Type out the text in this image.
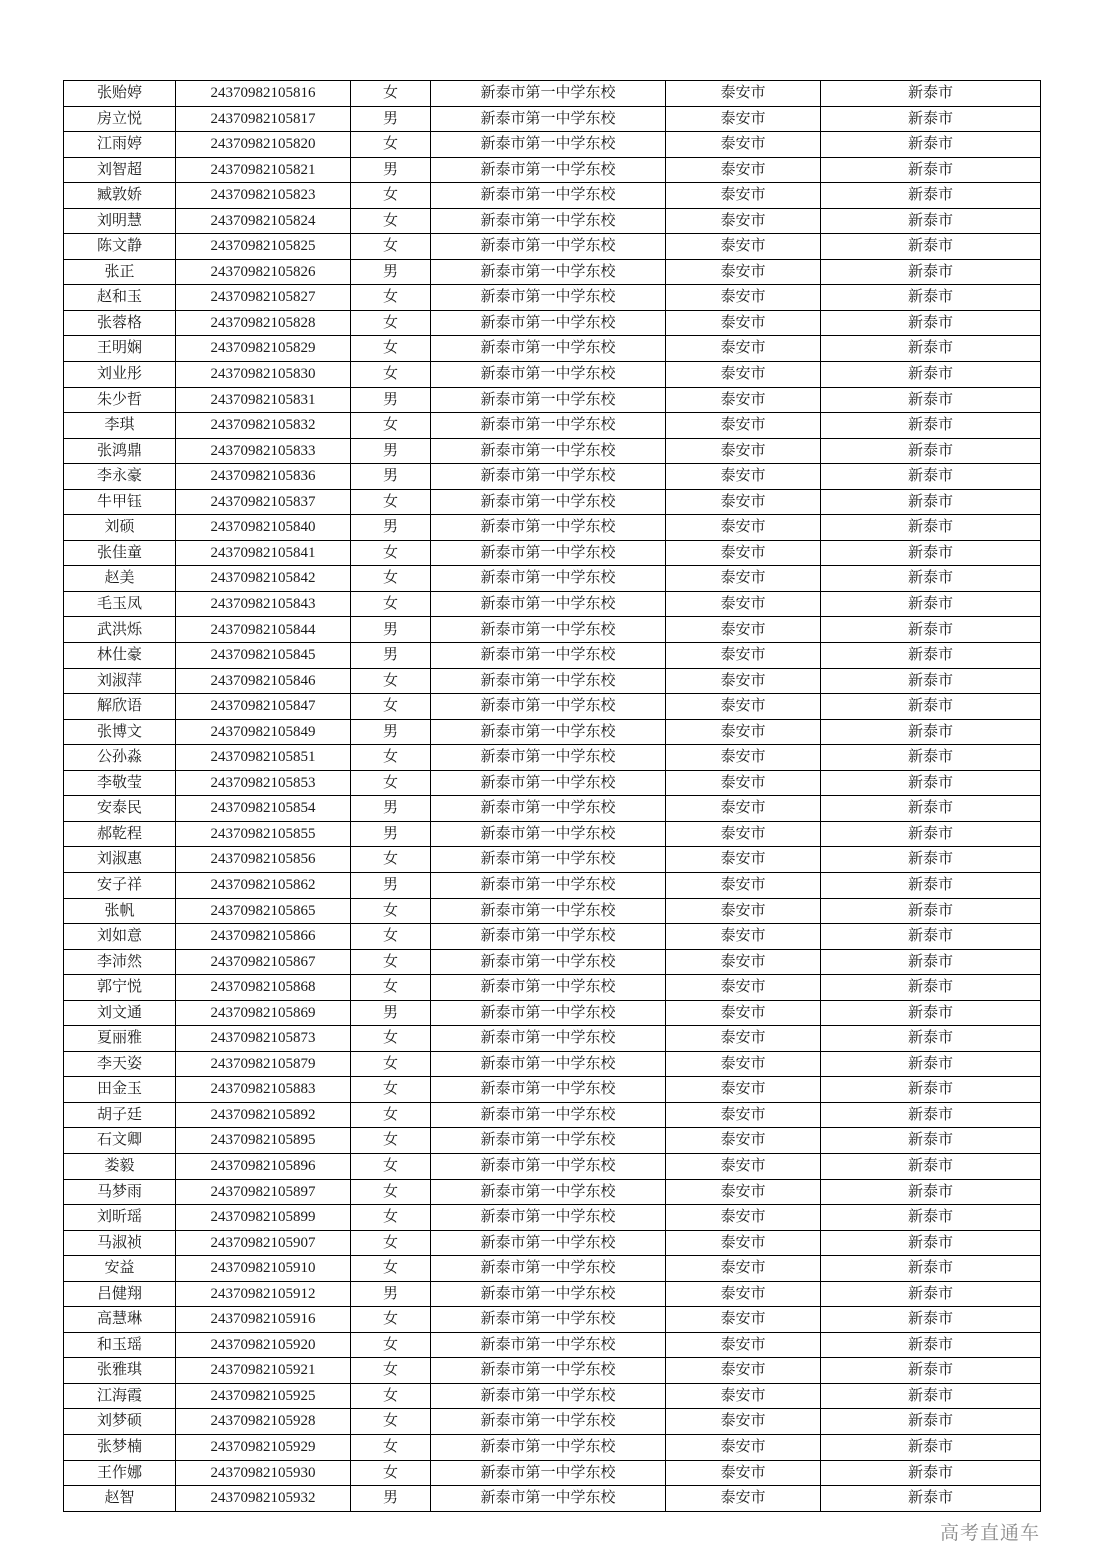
张贻婷	24370982105816	女	新泰市第一中学东校	泰安市	新泰市
房立悦	24370982105817	男	新泰市第一中学东校	泰安市	新泰市
江雨婷	24370982105820	女	新泰市第一中学东校	泰安市	新泰市
刘智超	24370982105821	男	新泰市第一中学东校	泰安市	新泰市
臧敦娇	24370982105823	女	新泰市第一中学东校	泰安市	新泰市
刘明慧	24370982105824	女	新泰市第一中学东校	泰安市	新泰市
陈文静	24370982105825	女	新泰市第一中学东校	泰安市	新泰市
张正	24370982105826	男	新泰市第一中学东校	泰安市	新泰市
赵和玉	24370982105827	女	新泰市第一中学东校	泰安市	新泰市
张蓉格	24370982105828	女	新泰市第一中学东校	泰安市	新泰市
王明娴	24370982105829	女	新泰市第一中学东校	泰安市	新泰市
刘业彤	24370982105830	女	新泰市第一中学东校	泰安市	新泰市
朱少哲	24370982105831	男	新泰市第一中学东校	泰安市	新泰市
李琪	24370982105832	女	新泰市第一中学东校	泰安市	新泰市
张鸿鼎	24370982105833	男	新泰市第一中学东校	泰安市	新泰市
李永豪	24370982105836	男	新泰市第一中学东校	泰安市	新泰市
牛甲钰	24370982105837	女	新泰市第一中学东校	泰安市	新泰市
刘硕	24370982105840	男	新泰市第一中学东校	泰安市	新泰市
张佳童	24370982105841	女	新泰市第一中学东校	泰安市	新泰市
赵美	24370982105842	女	新泰市第一中学东校	泰安市	新泰市
毛玉凤	24370982105843	女	新泰市第一中学东校	泰安市	新泰市
武洪烁	24370982105844	男	新泰市第一中学东校	泰安市	新泰市
林仕豪	24370982105845	男	新泰市第一中学东校	泰安市	新泰市
刘淑萍	24370982105846	女	新泰市第一中学东校	泰安市	新泰市
解欣语	24370982105847	女	新泰市第一中学东校	泰安市	新泰市
张博文	24370982105849	男	新泰市第一中学东校	泰安市	新泰市
公孙淼	24370982105851	女	新泰市第一中学东校	泰安市	新泰市
李敬莹	24370982105853	女	新泰市第一中学东校	泰安市	新泰市
安泰民	24370982105854	男	新泰市第一中学东校	泰安市	新泰市
郝乾程	24370982105855	男	新泰市第一中学东校	泰安市	新泰市
刘淑惠	24370982105856	女	新泰市第一中学东校	泰安市	新泰市
安子祥	24370982105862	男	新泰市第一中学东校	泰安市	新泰市
张帆	24370982105865	女	新泰市第一中学东校	泰安市	新泰市
刘如意	24370982105866	女	新泰市第一中学东校	泰安市	新泰市
李沛然	24370982105867	女	新泰市第一中学东校	泰安市	新泰市
郭宁悦	24370982105868	女	新泰市第一中学东校	泰安市	新泰市
刘文通	24370982105869	男	新泰市第一中学东校	泰安市	新泰市
夏丽雅	24370982105873	女	新泰市第一中学东校	泰安市	新泰市
李天姿	24370982105879	女	新泰市第一中学东校	泰安市	新泰市
田金玉	24370982105883	女	新泰市第一中学东校	泰安市	新泰市
胡子廷	24370982105892	女	新泰市第一中学东校	泰安市	新泰市
石文卿	24370982105895	女	新泰市第一中学东校	泰安市	新泰市
娄毅	24370982105896	女	新泰市第一中学东校	泰安市	新泰市
马梦雨	24370982105897	女	新泰市第一中学东校	泰安市	新泰市
刘昕瑶	24370982105899	女	新泰市第一中学东校	泰安市	新泰市
马淑祯	24370982105907	女	新泰市第一中学东校	泰安市	新泰市
安益	24370982105910	女	新泰市第一中学东校	泰安市	新泰市
吕健翔	24370982105912	男	新泰市第一中学东校	泰安市	新泰市
高慧琳	24370982105916	女	新泰市第一中学东校	泰安市	新泰市
和玉瑶	24370982105920	女	新泰市第一中学东校	泰安市	新泰市
张雅琪	24370982105921	女	新泰市第一中学东校	泰安市	新泰市
江海霞	24370982105925	女	新泰市第一中学东校	泰安市	新泰市
刘梦硕	24370982105928	女	新泰市第一中学东校	泰安市	新泰市
张梦楠	24370982105929	女	新泰市第一中学东校	泰安市	新泰市
王作娜	24370982105930	女	新泰市第一中学东校	泰安市	新泰市
赵智	24370982105932	男	新泰市第一中学东校	泰安市	新泰市
高考直通车
